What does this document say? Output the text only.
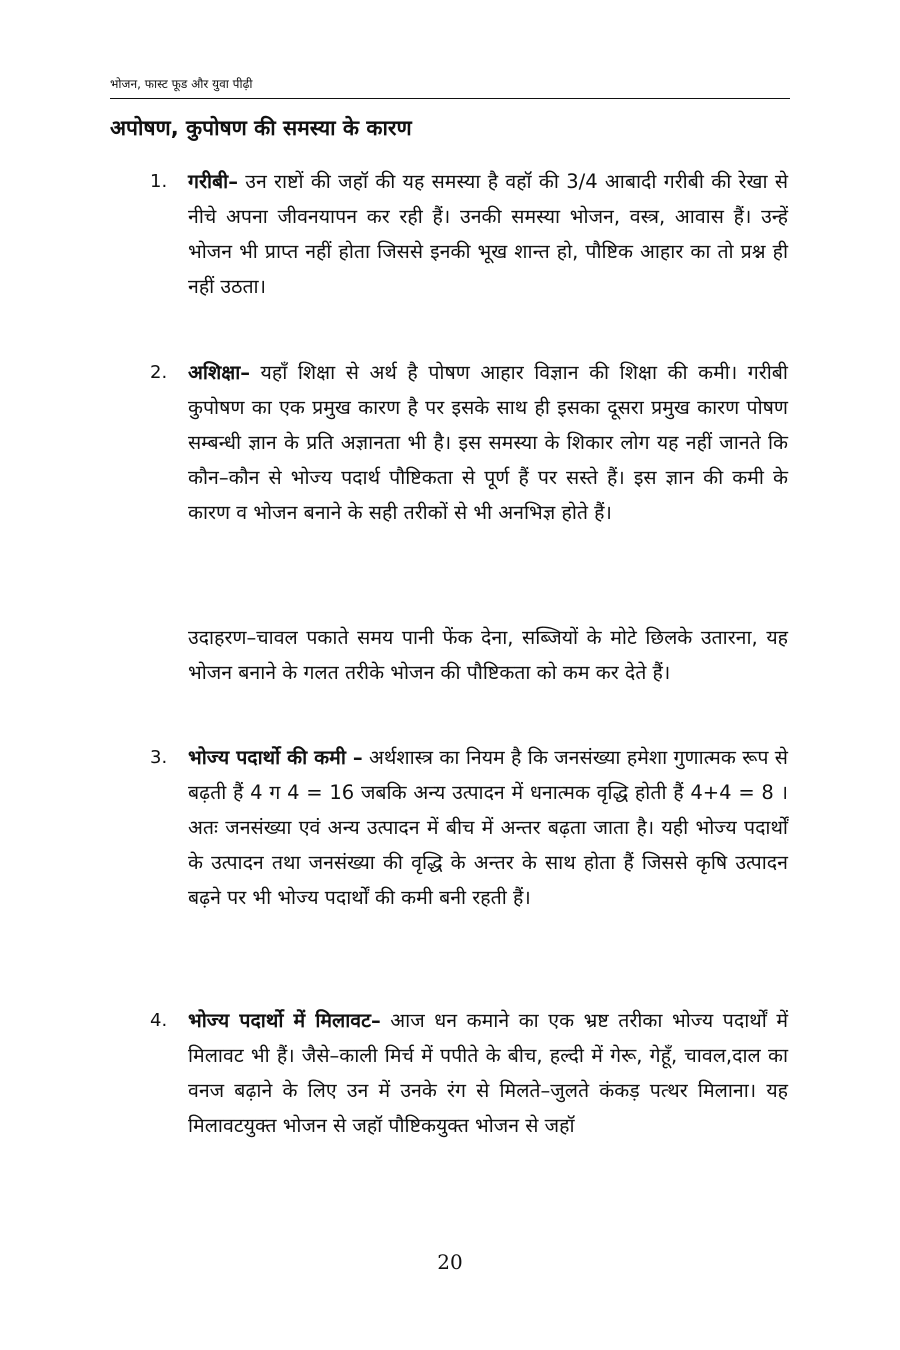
भोजन, फास्ट फूड और युवा पीढ़ी
अपोषण, कुपोषण की समस्या के कारण
1.	गरीबी– उन राष्टों की जहॉ की यह समस्या है वहॉ की 3/4 आबादी गरीबी की रेखा से नीचे अपना जीवनयापन कर रही हैं। उनकी समस्या भोजन, वस्त्र, आवास हैं। उन्हें भोजन भी प्राप्त नहीं होता जिससे इनकी भूख शान्त हो, पौष्टिक आहार का तो प्रश्न ही नहीं उठता।
2.	अशिक्षा– यहॉं शिक्षा से अर्थ है पोषण आहार विज्ञान की शिक्षा की कमी। गरीबी कुपोषण का एक प्रमुख कारण है पर इसके साथ ही इसका दूसरा प्रमुख कारण पोषण सम्बन्धी ज्ञान के प्रति अज्ञानता भी है। इस समस्या के शिकार लोग यह नहीं जानते कि कौन–कौन से भोज्य पदार्थ पौष्टिकता से पूर्ण हैं पर सस्ते हैं। इस ज्ञान की कमी के कारण व भोजन बनाने के सही तरीकों से भी अनभिज्ञ होते हैं।
उदाहरण–चावल पकाते समय पानी फेंक देना, सब्जियों के मोटे छिलके उतारना, यह भोजन बनाने के गलत तरीके भोजन की पौष्टिकता को कम कर देते हैं।
3.	भोज्य पदार्थो की कमी – अर्थशास्त्र का नियम है कि जनसंख्या हमेशा गुणात्मक रूप से बढ़ती हैं 4 ग 4 = 16 जबकि अन्य उत्पादन में धनात्मक वृद्धि होती हैं 4+4 = 8 । अतः जनसंख्या एवं अन्य उत्पादन में बीच में अन्तर बढ़ता जाता है। यही भोज्य पदार्थों के उत्पादन तथा जनसंख्या की वृद्धि के अन्तर के साथ होता हैं जिससे कृषि उत्पादन बढ़ने पर भी भोज्य पदार्थों की कमी बनी रहती हैं।
4.	भोज्य पदार्थो में मिलावट– आज धन कमाने का एक भ्रष्ट तरीका भोज्य पदार्थों में मिलावट भी हैं। जैसे–काली मिर्च में पपीते के बीच, हल्दी में गेरू, गेहूँ, चावल,दाल का वनज बढ़ाने के लिए उन में उनके रंग से मिलते–जुलते कंकड़ पत्थर मिलाना। यह मिलावटयुक्त भोजन से जहॉ पौष्टिकयुक्त भोजन से जहॉ
20
